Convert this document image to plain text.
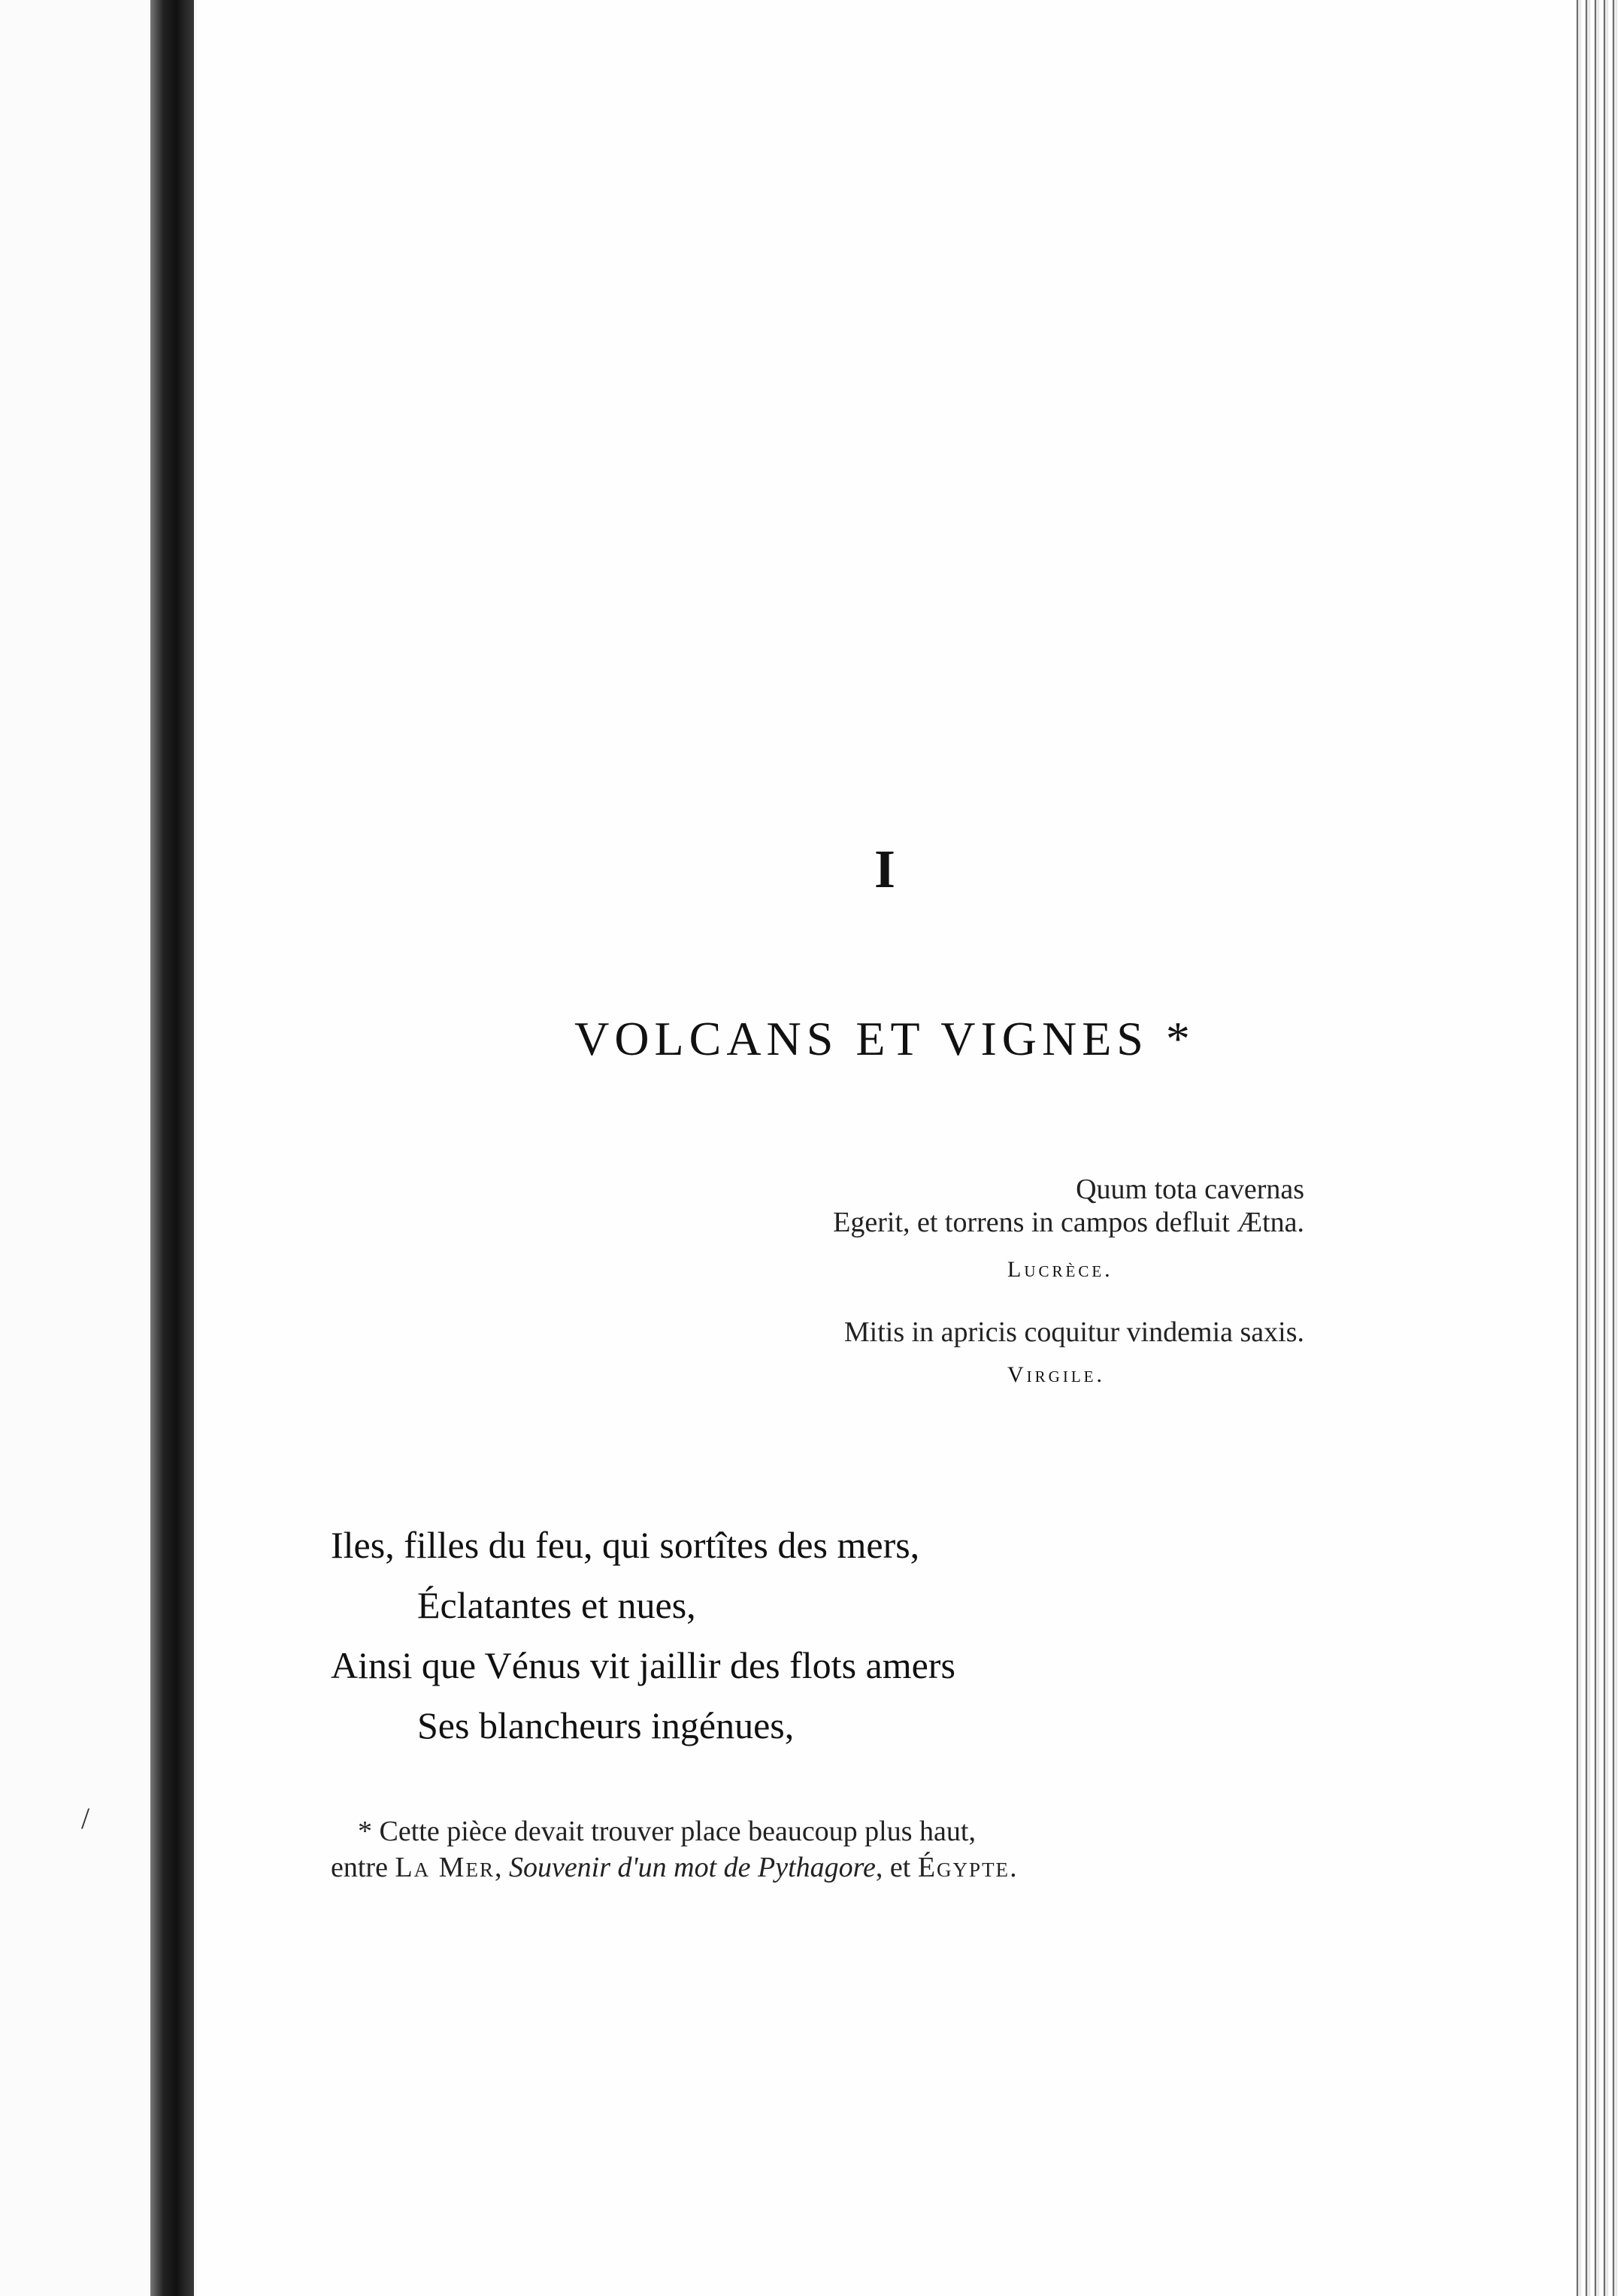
I
VOLCANS ET VIGNES *
Quum tota cavernas
Egerit, et torrens in campos defluit Ætna.
Lucrèce.
Mitis in apricis coquitur vindemia saxis.
Virgile.
Iles, filles du feu, qui sortîtes des mers,
Éclatantes et nues,
Ainsi que Vénus vit jaillir des flots amers
Ses blancheurs ingénues,
* Cette pièce devait trouver place beaucoup plus haut,
entre La Mer, Souvenir d'un mot de Pythagore, et Égypte.
/
